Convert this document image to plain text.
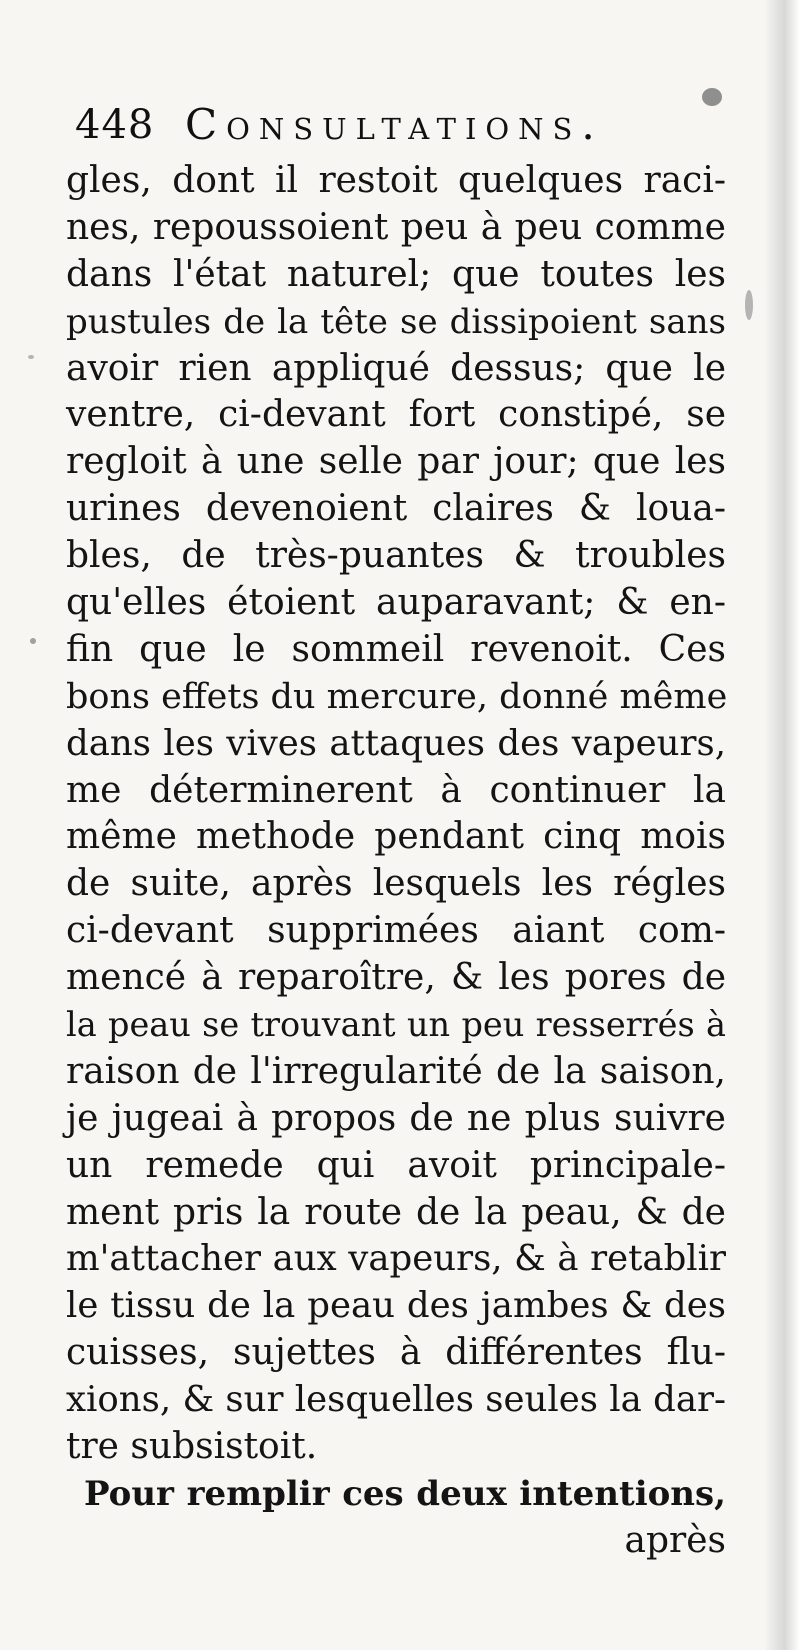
448 Consultations.
gles, dont il restoit quelques raci-
nes, repoussoient peu à peu comme
dans l'état naturel; que toutes les
pustules de la tête se dissipoient sans
avoir rien appliqué dessus; que le
ventre, ci-devant fort constipé, se
regloit à une selle par jour; que les
urines devenoient claires & loua-
bles, de très-puantes & troubles
qu'elles étoient auparavant; & en-
fin que le sommeil revenoit. Ces
bons effets du mercure, donné même
dans les vives attaques des vapeurs,
me déterminerent à continuer la
même methode pendant cinq mois
de suite, après lesquels les régles
ci-devant supprimées aiant com-
mencé à reparoître, & les pores de
la peau se trouvant un peu resserrés à
raison de l'irregularité de la saison,
je jugeai à propos de ne plus suivre
un remede qui avoit principale-
ment pris la route de la peau, & de
m'attacher aux vapeurs, & à retablir
le tissu de la peau des jambes & des
cuisses, sujettes à différentes flu-
xions, & sur lesquelles seules la dar-
tre subsistoit.
Pour remplir ces deux intentions,
après
